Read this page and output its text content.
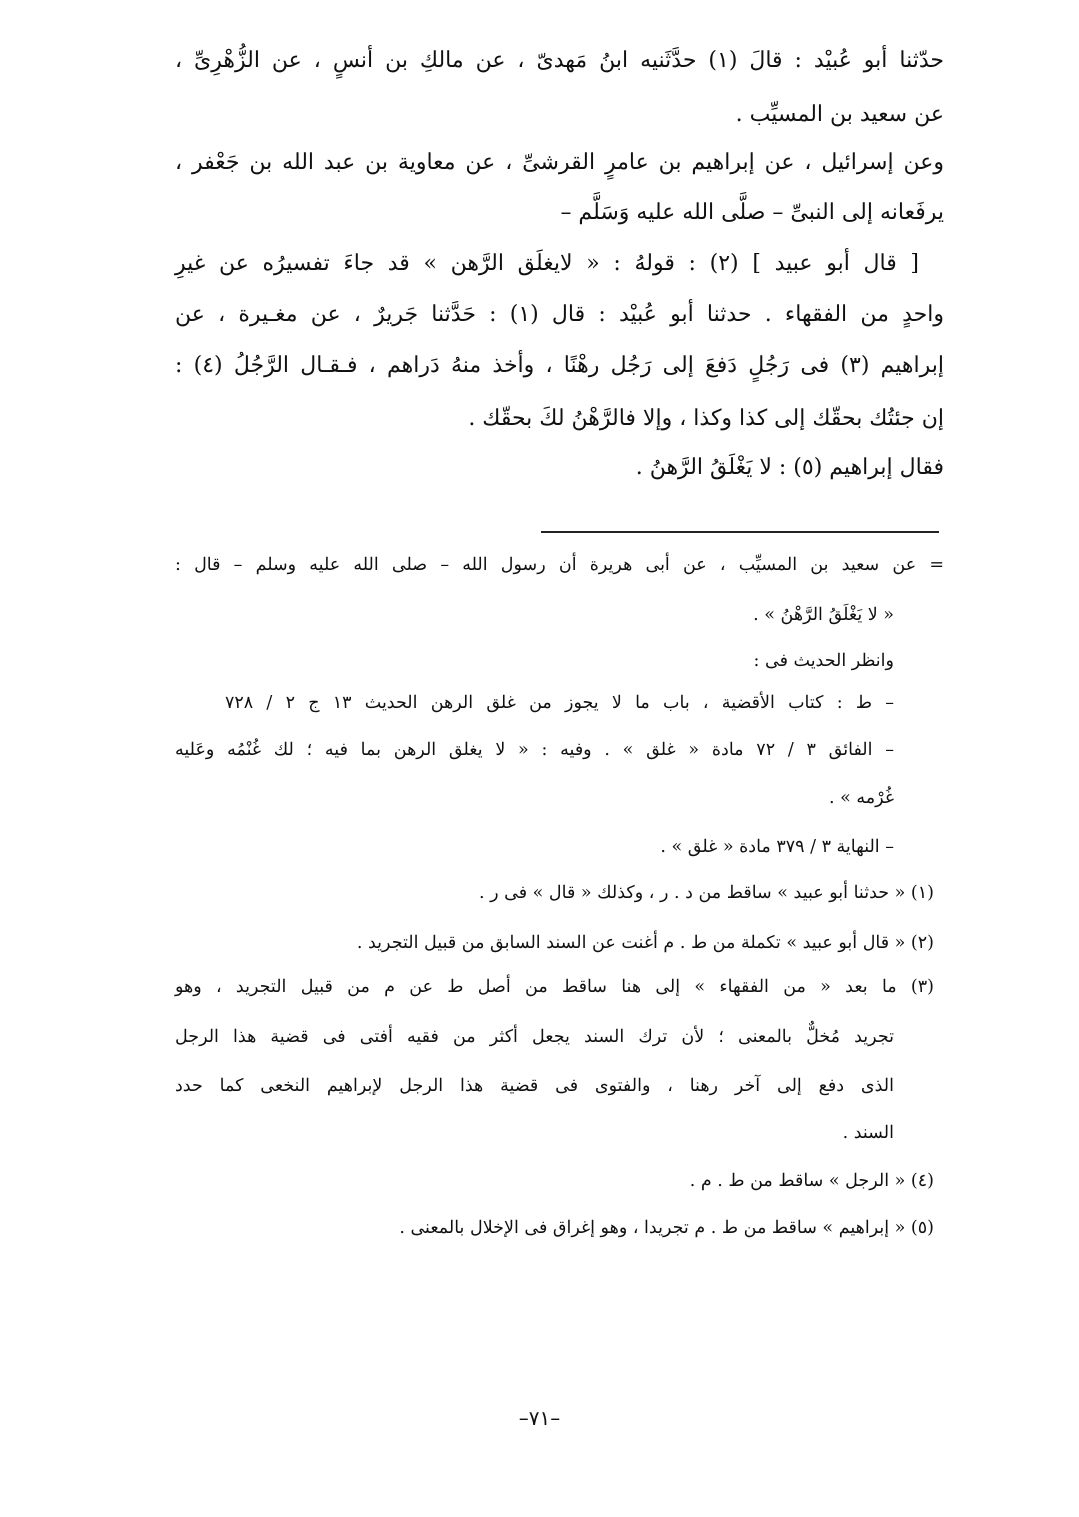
حدّثنا أبو عُبيْد : قالَ (١) حدَّثَنيه ابنُ مَهدىّ ، عن مالكِ بن أنسٍ ، عن الزُّهْرِىِّ ،
عن سعيد بن المسيِّب .
وعن إسرائيل ، عن إبراهيم بن عامرٍ القرشىِّ ، عن معاوية بن عبد الله بن جَعْفر ،
يرفَعانه إلى النبىِّ – صلَّى الله عليه وَسَلَّم –
[ قال أبو عبيد ] (٢) : قولهُ : « لايغلَق الرَّهن » قد جاءَ تفسيرُه عن غيرِ
واحدٍ من الفقهاء . حدثنا أبو عُبيْد : قال (١) : حَدَّثنا جَريرٌ ، عن مغـيرة ، عن
إبراهيم (٣) فى رَجُلٍ دَفعَ إلى رَجُل رهْنًا ، وأخذ منهُ دَراهم ، فـقـال الرَّجُلُ (٤) :
إن جئتُك بحقّك إلى كذا وكذا ، وإلا فالرَّهْنُ لكَ بحقّك .
فقال إبراهيم (٥) : لا يَغْلَقُ الرَّهنُ .
= عن سعيد بن المسيِّب ، عن أبى هريرة أن رسول الله – صلى الله عليه وسلم – قال :
« لا يَغْلَقُ الرَّهْنُ » .
وانظر الحديث فى :
– ط : كتاب الأقضية ، باب ما لا يجوز من غلق الرهن الحديث ١٣ ج ٢ / ٧٢٨
– الفائق ٣ / ٧٢ مادة « غلق » . وفيه : « لا يغلق الرهن بما فيه ؛ لك غُنْمُه وعَليه
غُرْمه » .
– النهاية ٣ / ٣٧٩ مادة « غلق » .
(١) « حدثنا أبو عبيد » ساقط من د . ر ، وكذلك « قال » فى ر .
(٢) « قال أبو عبيد » تكملة من ط . م أغنت عن السند السابق من قبيل التجريد .
(٣) ما بعد « من الفقهاء » إلى هنا ساقط من أصل ط عن م من قبيل التجريد ، وهو
تجريد مُخلٌّ بالمعنى ؛ لأن ترك السند يجعل أكثر من فقيه أفتى فى قضية هذا الرجل
الذى دفع إلى آخر رهنا ، والفتوى فى قضية هذا الرجل لإبراهيم النخعى كما حدد
السند .
(٤) « الرجل » ساقط من ط . م .
(٥) « إبراهيم » ساقط من ط . م تجريدا ، وهو إغراق فى الإخلال بالمعنى .
–٧١–
